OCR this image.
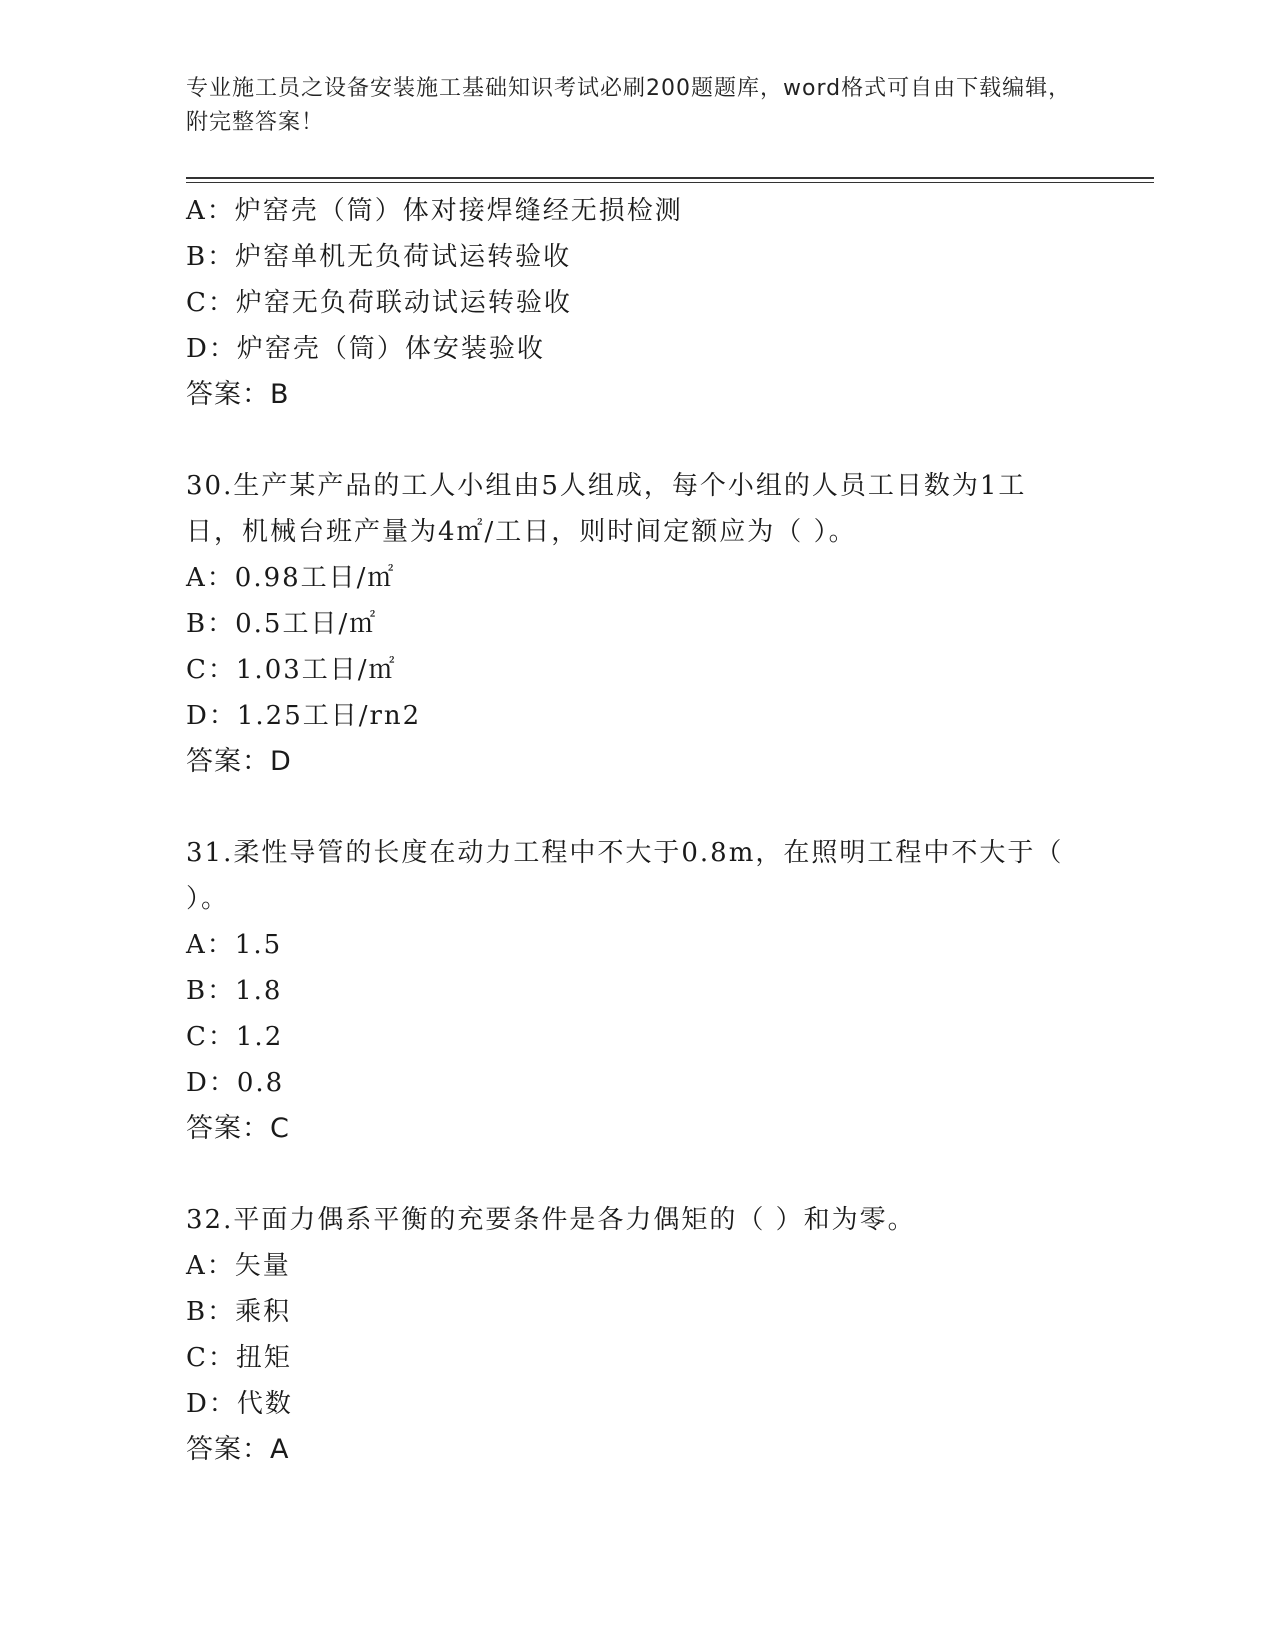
专业施工员之设备安装施工基础知识考试必刷200题题库，word格式可自由下载编辑，附完整答案！
A：炉窑壳（筒）体对接焊缝经无损检测
B：炉窑单机无负荷试运转验收
C：炉窑无负荷联动试运转验收
D：炉窑壳（筒）体安装验收
答案：B
30.生产某产品的工人小组由5人组成，每个小组的人员工日数为1工日，机械台班产量为4㎡/工日，则时间定额应为（ ）。
A：0.98工日/㎡
B：0.5工日/㎡
C：1.03工日/㎡
D：1.25工日/rn2
答案：D
31.柔性导管的长度在动力工程中不大于0.8m，在照明工程中不大于（ ）。
A：1.5
B：1.8
C：1.2
D：0.8
答案：C
32.平面力偶系平衡的充要条件是各力偶矩的（ ）和为零。
A：矢量
B：乘积
C：扭矩
D：代数
答案：A
